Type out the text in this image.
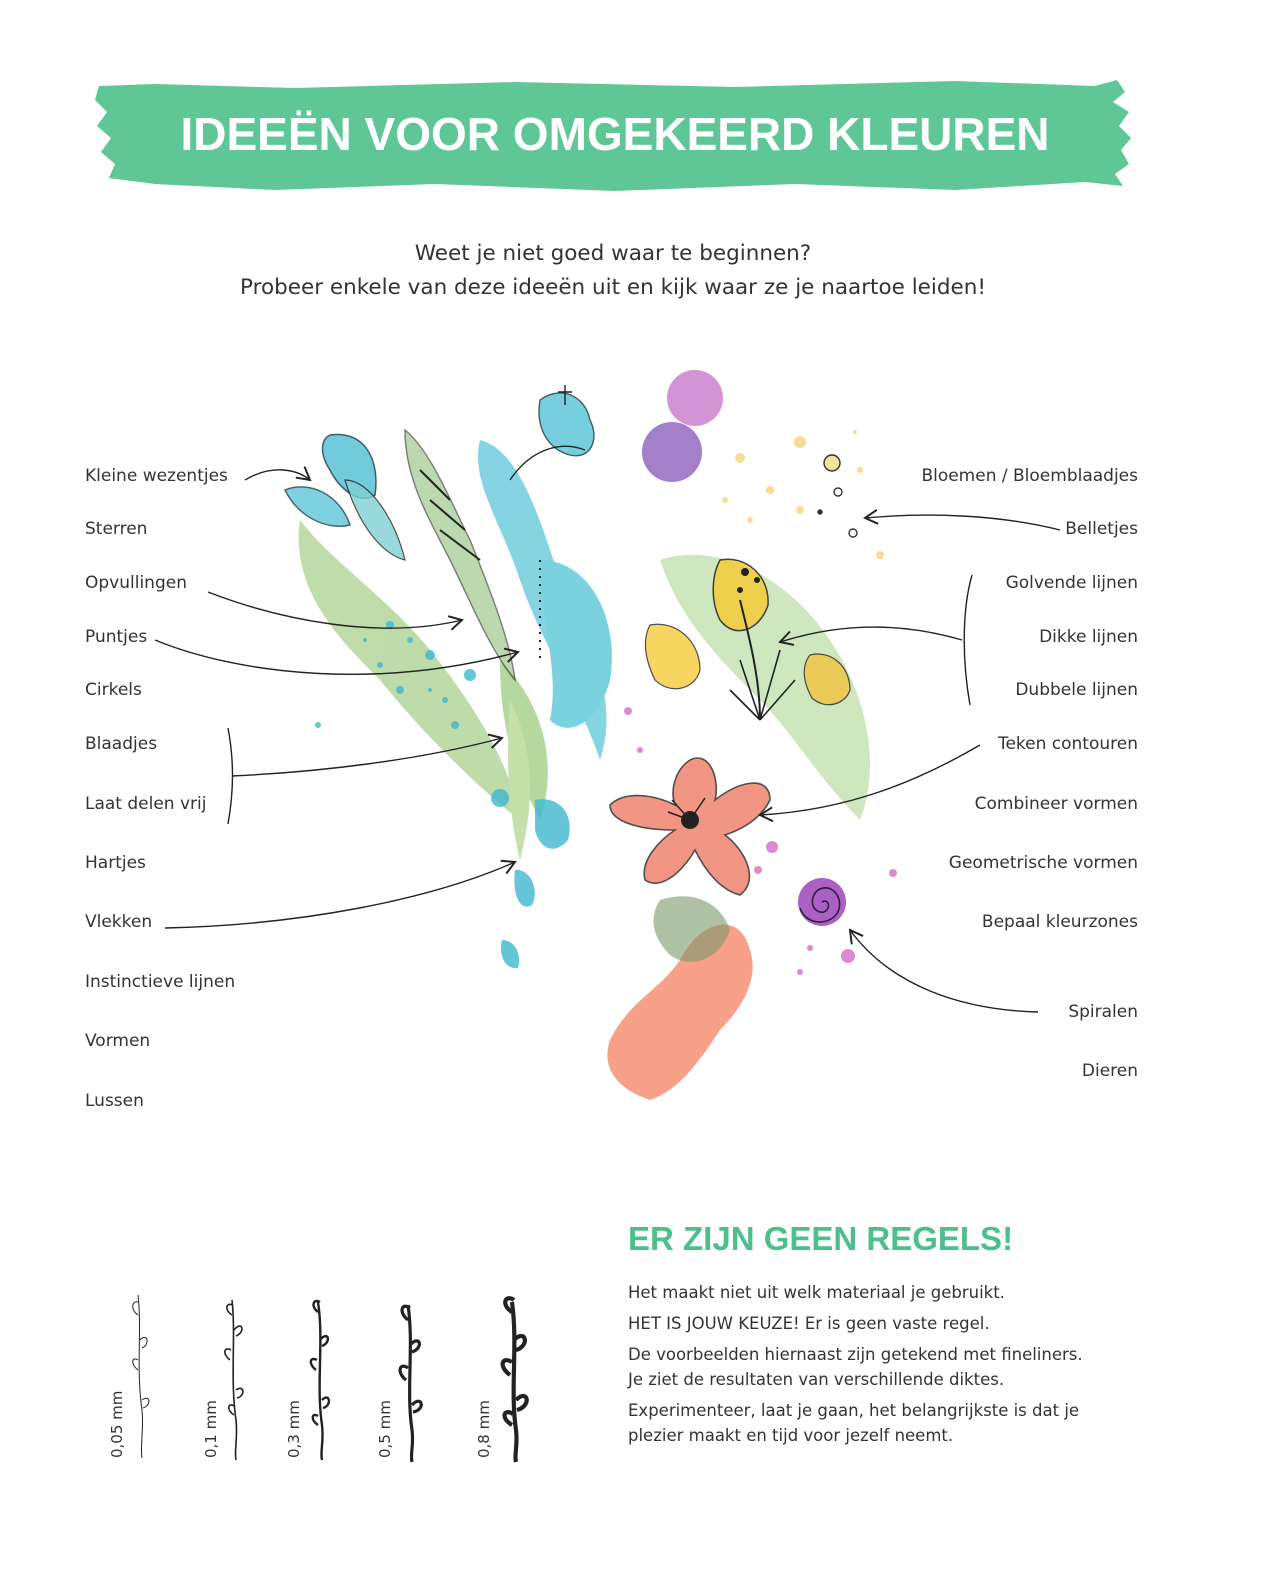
IDEEËN VOOR OMGEKEERD KLEUREN
Weet je niet goed waar te beginnen?
Probeer enkele van deze ideeën uit en kijk waar ze je naartoe leiden!
Kleine wezentjes
Sterren
Opvullingen
Puntjes
Cirkels
Blaadjes
Laat delen vrij
Hartjes
Vlekken
Instinctieve lijnen
Vormen
Lussen
Bloemen / Bloemblaadjes
Belletjes
Golvende lijnen
Dikke lijnen
Dubbele lijnen
Teken contouren
Combineer vormen
Geometrische vormen
Bepaal kleurzones
Spiralen
Dieren
ER ZIJN GEEN REGELS!

Het maakt niet uit welk materiaal je gebruikt.

HET IS JOUW KEUZE! Er is geen vaste regel.

De voorbeelden hiernaast zijn getekend met fineliners.

Je ziet de resultaten van verschillende diktes.

Experimenteer, laat je gaan, het belangrijkste is dat je

plezier maakt en tijd voor jezelf neemt.

0,05 mm	0,1 mm	0,3 mm	0,5 mm	0,8 mm
